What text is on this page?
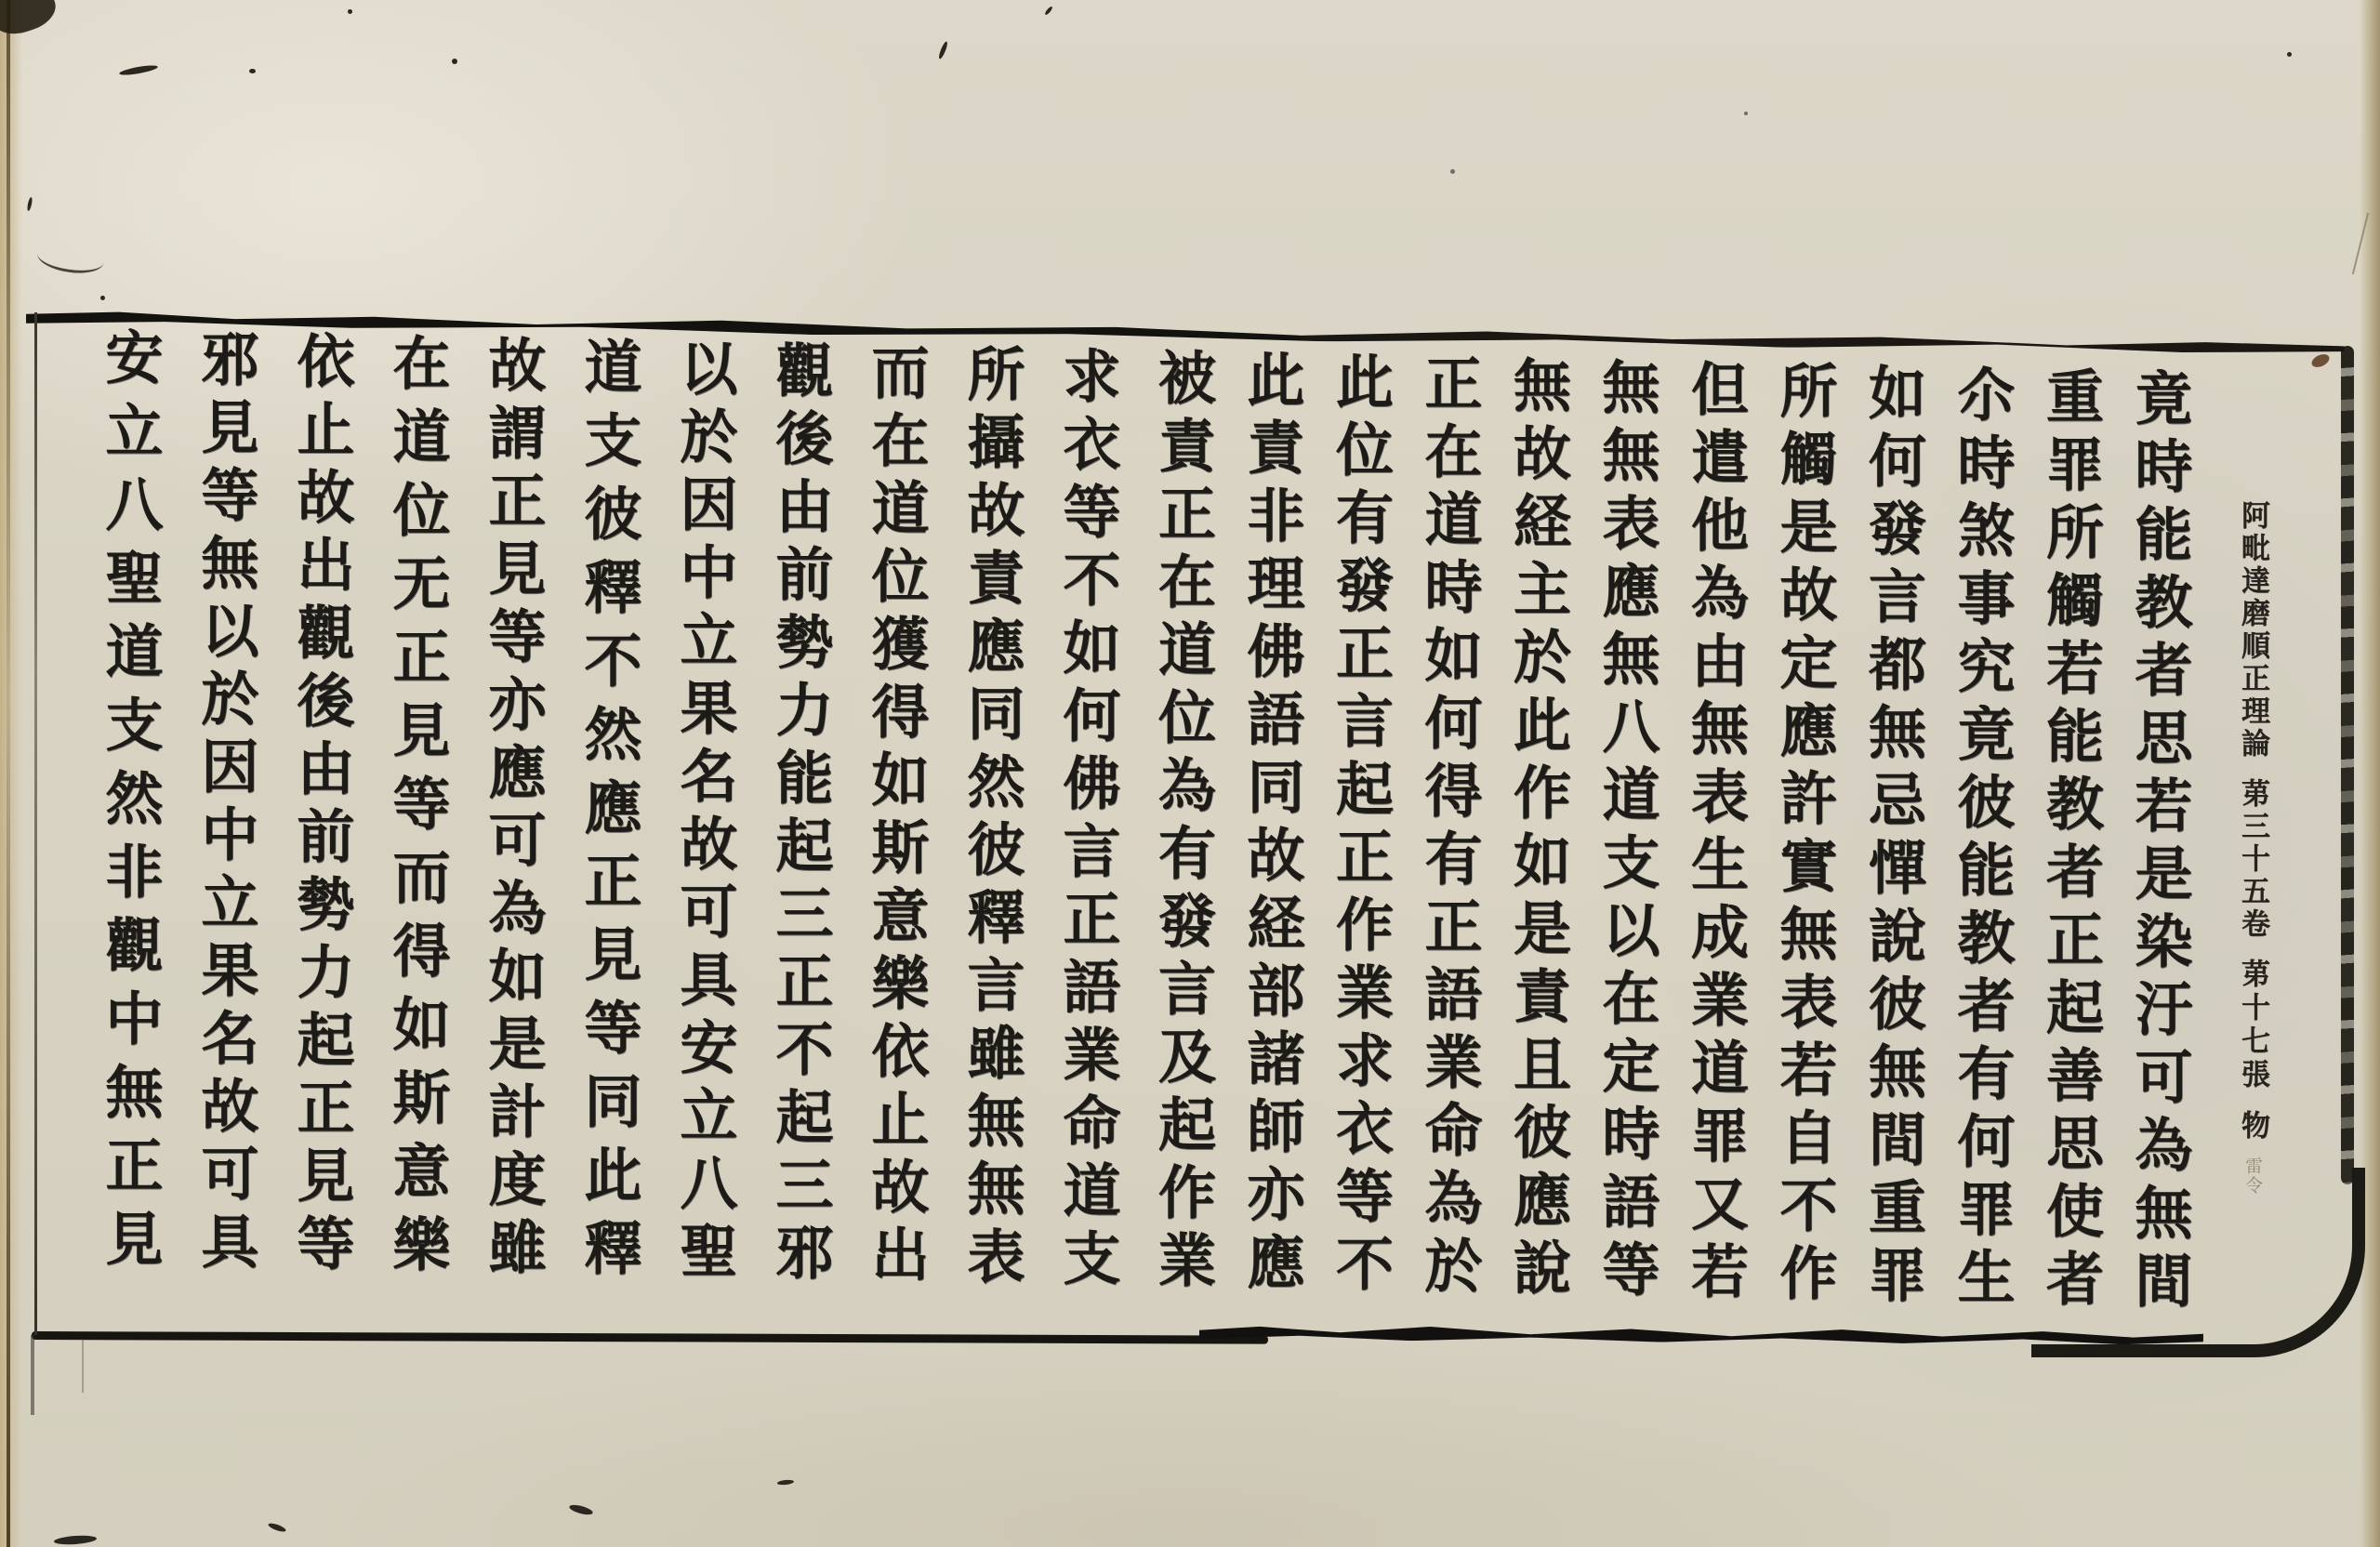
阿毗達磨順正理論 苐三十五卷 苐十七張 物 雷令
竟時能教者思若是染汙可為無間
重罪所觸若能教者正起善思使者
尒時煞事究竟彼能教者有何罪生
如何發言都無忌憚說彼無間重罪
所觸是故定應許實無表若自不作
但遣他為由無表生成業道罪又若
無無表應無八道支以在定時語等
無故経主於此作如是責且彼應說
正在道時如何得有正語業命為於
此位有發正言起正作業求衣等不
此責非理佛語同故経部諸師亦應
被責正在道位為有發言及起作業
求衣等不如何佛言正語業命道支
所攝故責應同然彼釋言雖無無表
而在道位獲得如斯意樂依止故出
觀後由前勢力能起三正不起三邪
以於因中立果名故可具安立八聖
道支彼釋不然應正見等同此釋
故謂正見等亦應可為如是計度雖
在道位无正見等而得如斯意樂
依止故出觀後由前勢力起正見等
邪見等無以於因中立果名故可具
安立八聖道支然非觀中無正見
